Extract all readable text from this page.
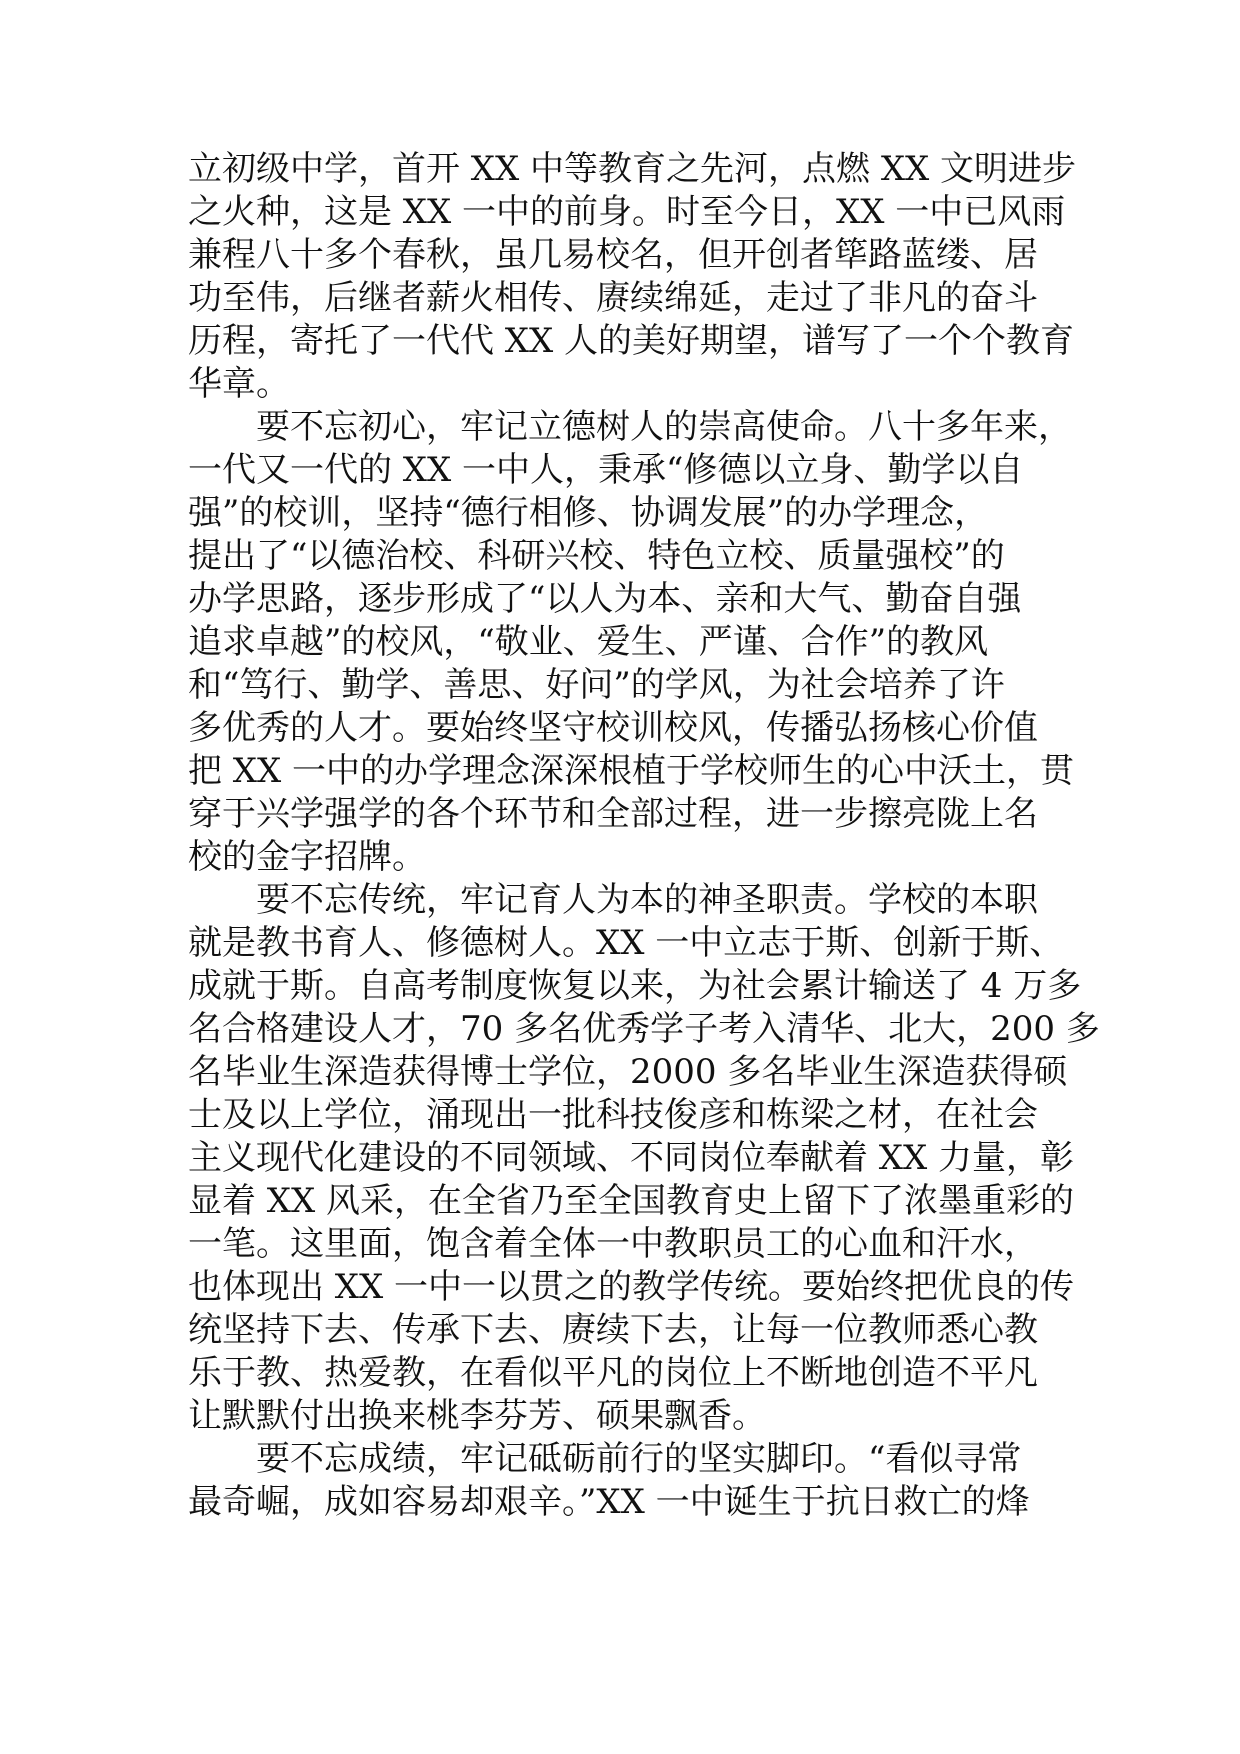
立初级中学，首开 XX 中等教育之先河，点燃 XX 文明进步
之火种，这是 XX 一中的前身。时至今日，XX 一中已风雨
兼程八十多个春秋，虽几易校名，但开创者筚路蓝缕、居
功至伟，后继者薪火相传、赓续绵延，走过了非凡的奋斗
历程，寄托了一代代 XX 人的美好期望，谱写了一个个教育
华章。
要不忘初心，牢记立德树人的崇高使命。八十多年来，
一代又一代的 XX 一中人，秉承“修德以立身、勤学以自
强”的校训，坚持“德行相修、协调发展”的办学理念，
提出了“以德治校、科研兴校、特色立校、质量强校”的
办学思路，逐步形成了“以人为本、亲和大气、勤奋自强
追求卓越”的校风，“敬业、爱生、严谨、合作”的教风
和“笃行、勤学、善思、好问”的学风，为社会培养了许
多优秀的人才。要始终坚守校训校风，传播弘扬核心价值
把 XX 一中的办学理念深深根植于学校师生的心中沃土，贯
穿于兴学强学的各个环节和全部过程，进一步擦亮陇上名
校的金字招牌。
要不忘传统，牢记育人为本的神圣职责。学校的本职
就是教书育人、修德树人。XX 一中立志于斯、创新于斯、
成就于斯。自高考制度恢复以来，为社会累计输送了 4 万多
名合格建设人才，70 多名优秀学子考入清华、北大，200 多
名毕业生深造获得博士学位，2000 多名毕业生深造获得硕
士及以上学位，涌现出一批科技俊彦和栋梁之材，在社会
主义现代化建设的不同领域、不同岗位奉献着 XX 力量，彰
显着 XX 风采，在全省乃至全国教育史上留下了浓墨重彩的
一笔。这里面，饱含着全体一中教职员工的心血和汗水，
也体现出 XX 一中一以贯之的教学传统。要始终把优良的传
统坚持下去、传承下去、赓续下去，让每一位教师悉心教
乐于教、热爱教，在看似平凡的岗位上不断地创造不平凡
让默默付出换来桃李芬芳、硕果飘香。
要不忘成绩，牢记砥砺前行的坚实脚印。“看似寻常
最奇崛，成如容易却艰辛。”XX 一中诞生于抗日救亡的烽
